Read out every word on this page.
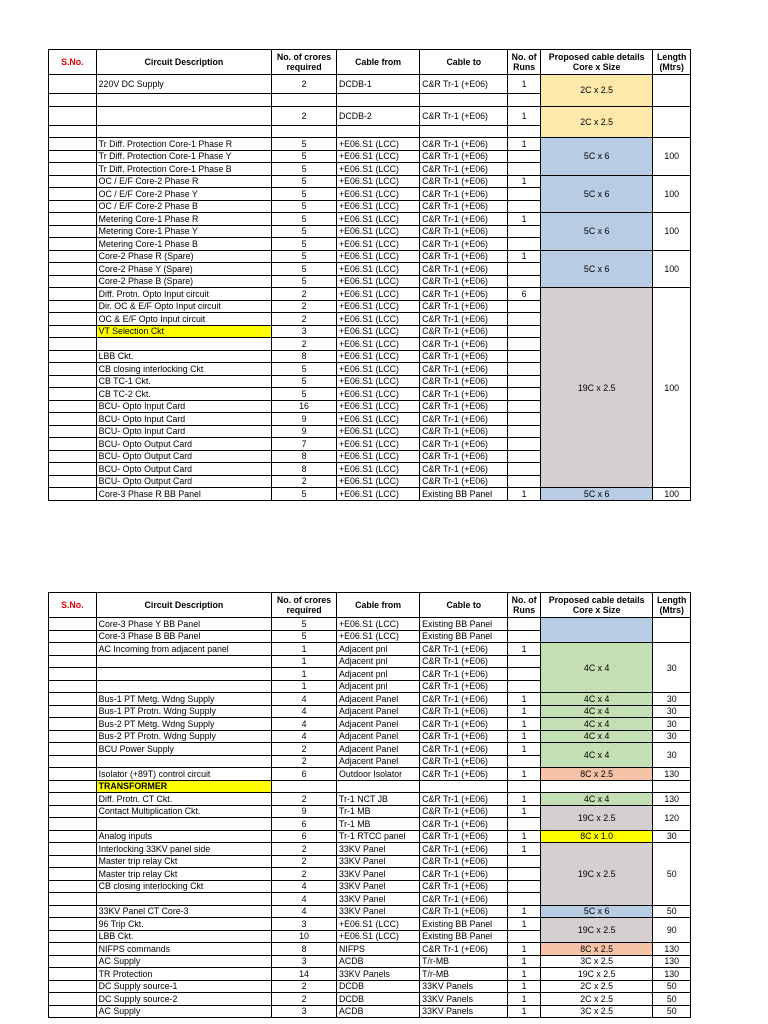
S.No.	Circuit Description	No. of crores required	Cable from	Cable to	No. of Runs	Proposed cable details Core x Size	Length (Mtrs)
	220V DC Supply	2	DCDB-1	C&R Tr-1 (+E06)	1	2C x 2.5	

		2	DCDB-2	C&R Tr-1 (+E06)	1	2C x 2.5	

	Tr Diff. Protection Core-1 Phase R	5	+E06.S1 (LCC)	C&R Tr-1 (+E06)	1	5C x 6	100
	Tr Diff. Protection Core-1 Phase Y	5	+E06.S1 (LCC)	C&R Tr-1 (+E06)			
	Tr Diff. Protection Core-1 Phase B	5	+E06.S1 (LCC)	C&R Tr-1 (+E06)			
	OC / E/F Core-2 Phase R	5	+E06.S1 (LCC)	C&R Tr-1 (+E06)	1	5C x 6	100
	OC / E/F Core-2 Phase Y	5	+E06.S1 (LCC)	C&R Tr-1 (+E06)			
	OC / E/F Core-2 Phase B	5	+E06.S1 (LCC)	C&R Tr-1 (+E06)			
	Metering Core-1 Phase R	5	+E06.S1 (LCC)	C&R Tr-1 (+E06)	1	5C x 6	100
	Metering Core-1 Phase Y	5	+E06.S1 (LCC)	C&R Tr-1 (+E06)			
	Metering Core-1 Phase B	5	+E06.S1 (LCC)	C&R Tr-1 (+E06)			
	Core-2 Phase R (Spare)	5	+E06.S1 (LCC)	C&R Tr-1 (+E06)	1	5C x 6	100
	Core-2 Phase Y (Spare)	5	+E06.S1 (LCC)	C&R Tr-1 (+E06)			
	Core-2 Phase B (Spare)	5	+E06.S1 (LCC)	C&R Tr-1 (+E06)			
	Diff. Protn. Opto Input circuit	2	+E06.S1 (LCC)	C&R Tr-1 (+E06)	6	19C x 2.5	100
	Dir. OC & E/F Opto Input circuit	2	+E06.S1 (LCC)	C&R Tr-1 (+E06)			
	OC & E/F Opto Input circuit	2	+E06.S1 (LCC)	C&R Tr-1 (+E06)			
	VT Selection Ckt	3	+E06.S1 (LCC)	C&R Tr-1 (+E06)			
		2	+E06.S1 (LCC)	C&R Tr-1 (+E06)			
	LBB Ckt.	8	+E06.S1 (LCC)	C&R Tr-1 (+E06)			
	CB closing interlocking Ckt	5	+E06.S1 (LCC)	C&R Tr-1 (+E06)			
	CB TC-1 Ckt.	5	+E06.S1 (LCC)	C&R Tr-1 (+E06)			
	CB TC-2 Ckt.	5	+E06.S1 (LCC)	C&R Tr-1 (+E06)			
	BCU- Opto Input Card	16	+E06.S1 (LCC)	C&R Tr-1 (+E06)			
	BCU- Opto Input Card	9	+E06.S1 (LCC)	C&R Tr-1 (+E06)			
	BCU- Opto Input Card	9	+E06.S1 (LCC)	C&R Tr-1 (+E06)			
	BCU- Opto Output Card	7	+E06.S1 (LCC)	C&R Tr-1 (+E06)			
	BCU- Opto Output Card	8	+E06.S1 (LCC)	C&R Tr-1 (+E06)			
	BCU- Opto Output Card	8	+E06.S1 (LCC)	C&R Tr-1 (+E06)			
	BCU- Opto Output Card	2	+E06.S1 (LCC)	C&R Tr-1 (+E06)			
	Core-3 Phase R BB Panel	5	+E06.S1 (LCC)	Existing BB Panel	1	5C x 6	100
S.No.	Circuit Description	No. of crores required	Cable from	Cable to	No. of Runs	Proposed cable details Core x Size	Length (Mtrs)
	Core-3 Phase Y BB Panel	5	+E06.S1 (LCC)	Existing BB Panel			
	Core-3 Phase B BB Panel	5	+E06.S1 (LCC)	Existing BB Panel			
	AC Incoming from adjacent panel	1	Adjacent pnl	C&R Tr-1 (+E06)	1	4C x 4	30
		1	Adjacent pnl	C&R Tr-1 (+E06)			
		1	Adjacent pnl	C&R Tr-1 (+E06)			
		1	Adjacent pnl	C&R Tr-1 (+E06)			
	Bus-1 PT Metg. Wdng Supply	4	Adjacent Panel	C&R Tr-1 (+E06)	1	4C x 4	30
	Bus-1 PT Protn. Wdng Supply	4	Adjacent Panel	C&R Tr-1 (+E06)	1	4C x 4	30
	Bus-2 PT Metg. Wdng Supply	4	Adjacent Panel	C&R Tr-1 (+E06)	1	4C x 4	30
	Bus-2 PT Protn. Wdng Supply	4	Adjacent Panel	C&R Tr-1 (+E06)	1	4C x 4	30
	BCU Power Supply	2	Adjacent Panel	C&R Tr-1 (+E06)	1	4C x 4	30
		2	Adjacent Panel	C&R Tr-1 (+E06)			
	Isolator (+89T) control circuit	6	Outdoor Isolator	C&R Tr-1 (+E06)	1	8C x 2.5	130
	TRANSFORMER						
	Diff. Protn. CT Ckt.	2	Tr-1 NCT JB	C&R Tr-1 (+E06)	1	4C x 4	130
	Contact Multiplication Ckt.	9	Tr-1 MB	C&R Tr-1 (+E06)	1	19C x 2.5	120
		6	Tr-1 MB	C&R Tr-1 (+E06)			
	Analog inputs	6	Tr-1 RTCC panel	C&R Tr-1 (+E06)	1	8C x 1.0	30
	Interlocking 33KV panel side	2	33KV Panel	C&R Tr-1 (+E06)	1	19C x 2.5	50
	Master trip relay Ckt	2	33KV Panel	C&R Tr-1 (+E06)			
	Master trip relay Ckt	2	33KV Panel	C&R Tr-1 (+E06)			
	CB closing interlocking Ckt	4	33KV Panel	C&R Tr-1 (+E06)			
		4	33KV Panel	C&R Tr-1 (+E06)			
	33KV Panel CT Core-3	4	33KV Panel	C&R Tr-1 (+E06)	1	5C x 6	50
	96 Trip Ckt.	3	+E06.S1 (LCC)	Existing BB Panel	1	19C x 2.5	90
	LBB Ckt.	10	+E06.S1 (LCC)	Existing BB Panel			
	NIFPS commands	8	NIFPS	C&R Tr-1 (+E06)	1	8C x 2.5	130
	AC Supply	3	ACDB	T/r-MB	1	3C x 2.5	130
	TR Protection	14	33KV Panels	T/r-MB	1	19C x 2.5	130
	DC Supply source-1	2	DCDB	33KV Panels	1	2C x 2.5	50
	DC Supply source-2	2	DCDB	33KV Panels	1	2C x 2.5	50
	AC Supply	3	ACDB	33KV Panels	1	3C x 2.5	50
